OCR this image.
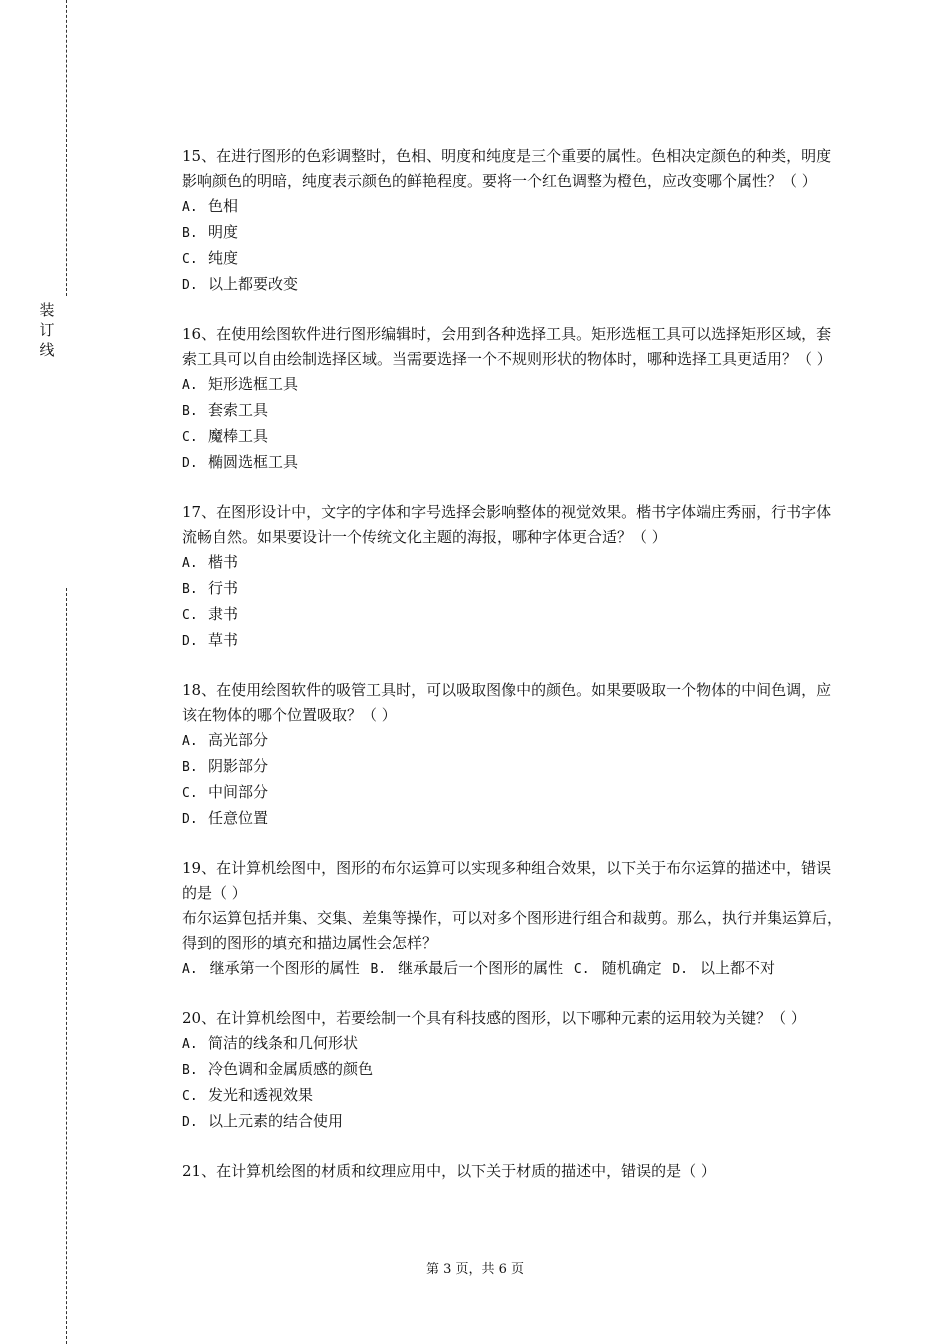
装
订
线

15、在进行图形的色彩调整时，色相、明度和纯度是三个重要的属性。色相决定颜色的种类，明度影响颜色的明暗，纯度表示颜色的鲜艳程度。要将一个红色调整为橙色，应改变哪个属性？（ ）

A. 色相
B. 明度
C. 纯度
D. 以上都要改变

16、在使用绘图软件进行图形编辑时，会用到各种选择工具。矩形选框工具可以选择矩形区域，套索工具可以自由绘制选择区域。当需要选择一个不规则形状的物体时，哪种选择工具更适用？（ ）

A. 矩形选框工具
B. 套索工具
C. 魔棒工具
D. 椭圆选框工具

17、在图形设计中，文字的字体和字号选择会影响整体的视觉效果。楷书字体端庄秀丽，行书字体流畅自然。如果要设计一个传统文化主题的海报，哪种字体更合适？（ ）

A. 楷书
B. 行书
C. 隶书
D. 草书

18、在使用绘图软件的吸管工具时，可以吸取图像中的颜色。如果要吸取一个物体的中间色调，应该在物体的哪个位置吸取？（ ）

A. 高光部分
B. 阴影部分
C. 中间部分
D. 任意位置

19、在计算机绘图中，图形的布尔运算可以实现多种组合效果，以下关于布尔运算的描述中，错误的是（ ）

布尔运算包括并集、交集、差集等操作，可以对多个图形进行组合和裁剪。那么，执行并集运算后，得到的图形的填充和描边属性会怎样？

A. 继承第一个图形的属性 B. 继承最后一个图形的属性 C. 随机确定 D. 以上都不对

20、在计算机绘图中，若要绘制一个具有科技感的图形，以下哪种元素的运用较为关键？（ ）

A. 简洁的线条和几何形状
B. 冷色调和金属质感的颜色
C. 发光和透视效果
D. 以上元素的结合使用

21、在计算机绘图的材质和纹理应用中，以下关于材质的描述中，错误的是（ ）

第 3 页，共 6 页
